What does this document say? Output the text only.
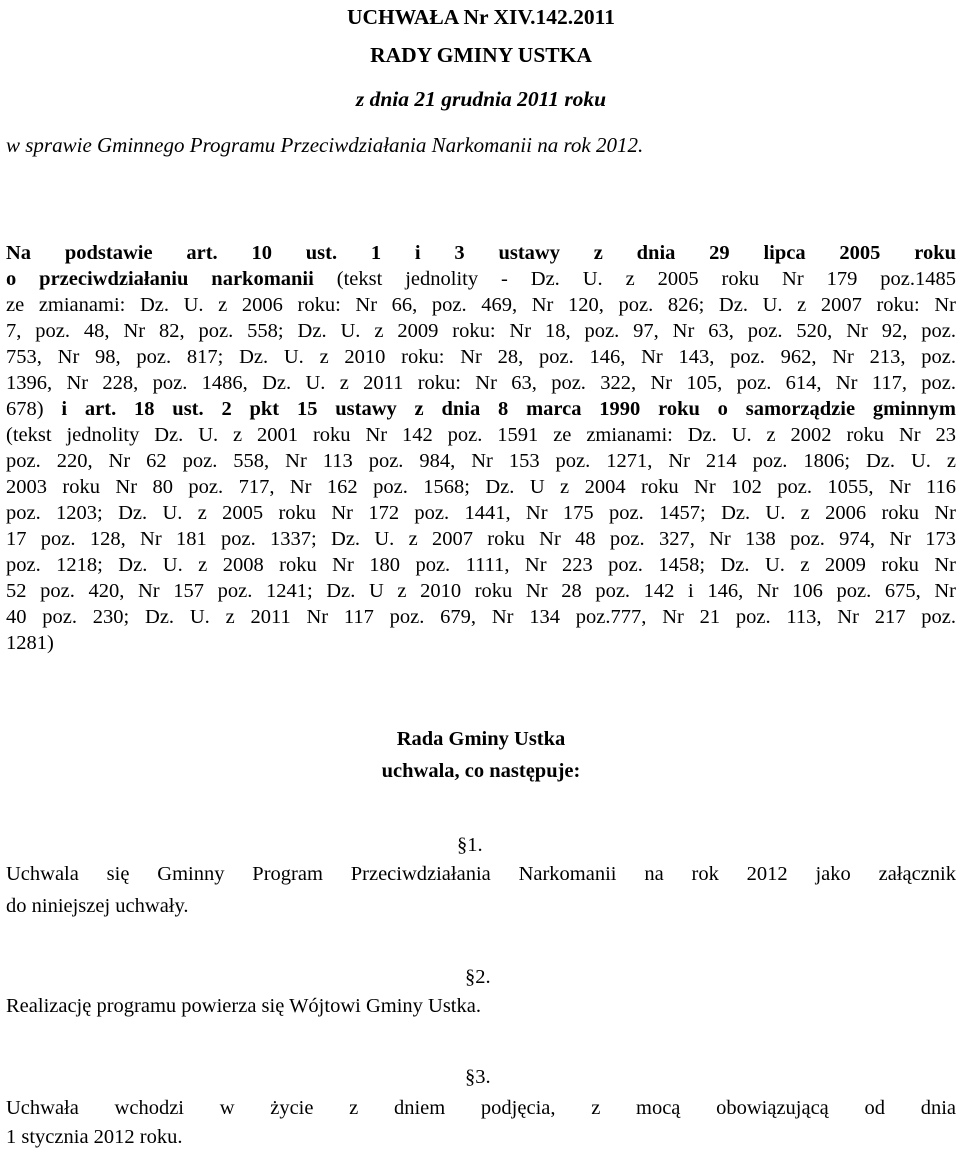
UCHWAŁA Nr XIV.142.2011
RADY GMINY USTKA
z dnia 21 grudnia 2011 roku
w sprawie Gminnego Programu Przeciwdziałania Narkomanii na rok 2012.
Na podstawie art. 10 ust. 1 i 3 ustawy z dnia 29 lipca 2005 roku
o przeciwdziałaniu narkomanii (tekst jednolity - Dz. U. z 2005 roku Nr 179 poz.1485
ze zmianami: Dz. U. z 2006 roku: Nr 66, poz. 469, Nr 120, poz. 826; Dz. U. z 2007 roku: Nr
7, poz. 48, Nr 82, poz. 558; Dz. U. z 2009 roku: Nr 18, poz. 97, Nr 63, poz. 520, Nr 92, poz.
753, Nr 98, poz. 817; Dz. U. z 2010 roku: Nr 28, poz. 146, Nr 143, poz. 962, Nr 213, poz.
1396, Nr 228, poz. 1486, Dz. U. z 2011 roku: Nr 63, poz. 322, Nr 105, poz. 614, Nr 117, poz.
678) i art. 18 ust. 2 pkt 15 ustawy z dnia 8 marca 1990 roku o samorządzie gminnym
(tekst jednolity Dz. U. z 2001 roku Nr 142 poz. 1591 ze zmianami: Dz. U. z 2002 roku Nr 23
poz. 220, Nr 62 poz. 558, Nr 113 poz. 984, Nr 153 poz. 1271, Nr 214 poz. 1806; Dz. U. z
2003 roku Nr 80 poz. 717, Nr 162 poz. 1568; Dz. U z 2004 roku Nr 102 poz. 1055, Nr 116
poz. 1203; Dz. U. z 2005 roku Nr 172 poz. 1441, Nr 175 poz. 1457; Dz. U. z 2006 roku Nr
17 poz. 128, Nr 181 poz. 1337; Dz. U. z 2007 roku Nr 48 poz. 327, Nr 138 poz. 974, Nr 173
poz. 1218; Dz. U. z 2008 roku Nr 180 poz. 1111, Nr 223 poz. 1458; Dz. U. z 2009 roku Nr
52 poz. 420, Nr 157 poz. 1241; Dz. U z 2010 roku Nr 28 poz. 142 i 146, Nr 106 poz. 675, Nr
40 poz. 230; Dz. U. z 2011 Nr 117 poz. 679, Nr 134 poz.777, Nr 21 poz. 113, Nr 217 poz.
1281)
Rada Gminy Ustka
uchwala, co następuje:
§1.
Uchwala się Gminny Program Przeciwdziałania Narkomanii na rok 2012 jako załącznik
do niniejszej uchwały.
§2.
Realizację programu powierza się Wójtowi Gminy Ustka.
§3.
Uchwała wchodzi w życie z dniem podjęcia, z mocą obowiązującą od dnia
1 stycznia 2012 roku.
